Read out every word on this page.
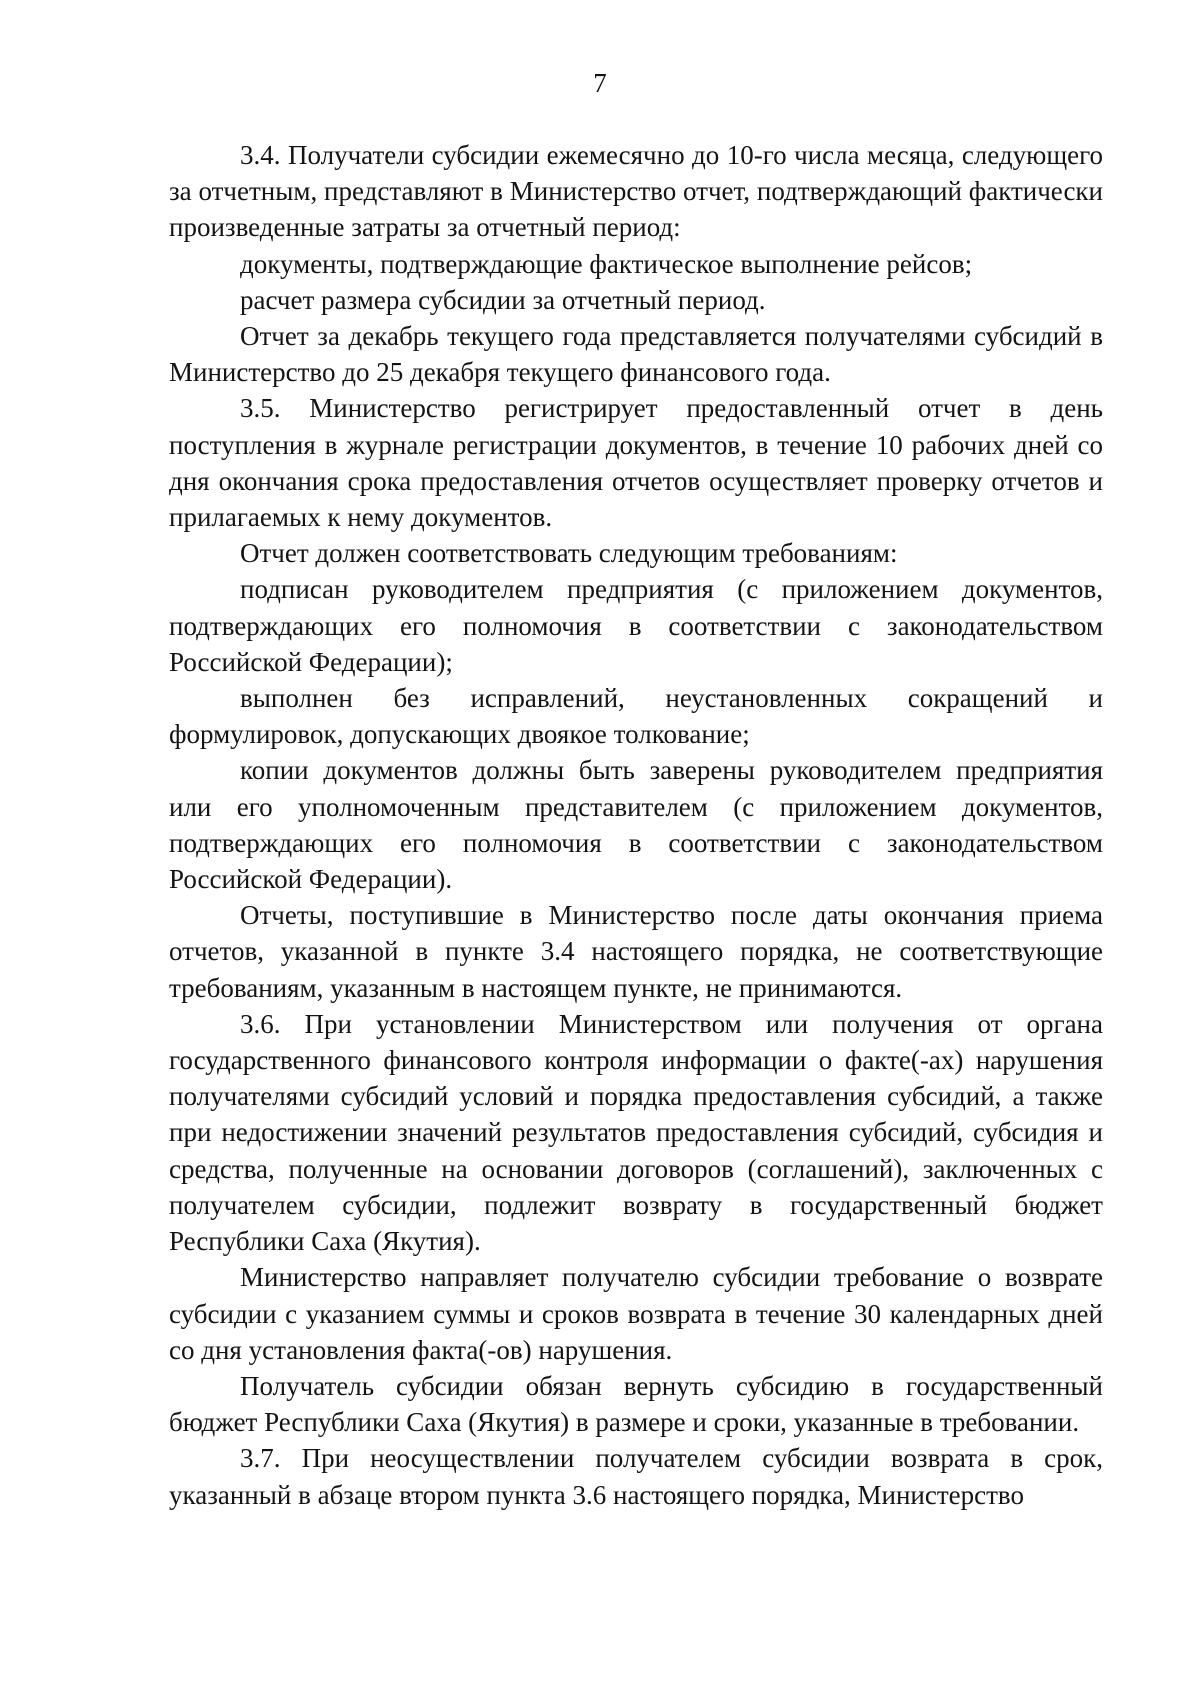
7

3.4. Получатели субсидии ежемесячно до 10-го числа месяца, следующего за отчетным, представляют в Министерство отчет, подтверждающий фактически произведенные затраты за отчетный период:

документы, подтверждающие фактическое выполнение рейсов;

расчет размера субсидии за отчетный период.

Отчет за декабрь текущего года представляется получателями субсидий в Министерство до 25 декабря текущего финансового года.

3.5. Министерство регистрирует предоставленный отчет в день поступления в журнале регистрации документов, в течение 10 рабочих дней со дня окончания срока предоставления отчетов осуществляет проверку отчетов и прилагаемых к нему документов.

Отчет должен соответствовать следующим требованиям:

подписан руководителем предприятия (с приложением документов, подтверждающих его полномочия в соответствии с законодательством Российской Федерации);

выполнен без исправлений, неустановленных сокращений и формулировок, допускающих двоякое толкование;

копии документов должны быть заверены руководителем предприятия или его уполномоченным представителем (с приложением документов, подтверждающих его полномочия в соответствии с законодательством Российской Федерации).

Отчеты, поступившие в Министерство после даты окончания приема отчетов, указанной в пункте 3.4 настоящего порядка, не соответствующие требованиям, указанным в настоящем пункте, не принимаются.

3.6. При установлении Министерством или получения от органа государственного финансового контроля информации о факте(-ах) нарушения получателями субсидий условий и порядка предоставления субсидий, а также при недостижении значений результатов предоставления субсидий, субсидия и средства, полученные на основании договоров (соглашений), заключенных с получателем субсидии, подлежит возврату в государственный бюджет Республики Саха (Якутия).

Министерство направляет получателю субсидии требование о возврате субсидии с указанием суммы и сроков возврата в течение 30 календарных дней со дня установления факта(-ов) нарушения.

Получатель субсидии обязан вернуть субсидию в государственный бюджет Республики Саха (Якутия) в размере и сроки, указанные в требовании.

3.7. При неосуществлении получателем субсидии возврата в срок, указанный в абзаце втором пункта 3.6 настоящего порядка, Министерство
